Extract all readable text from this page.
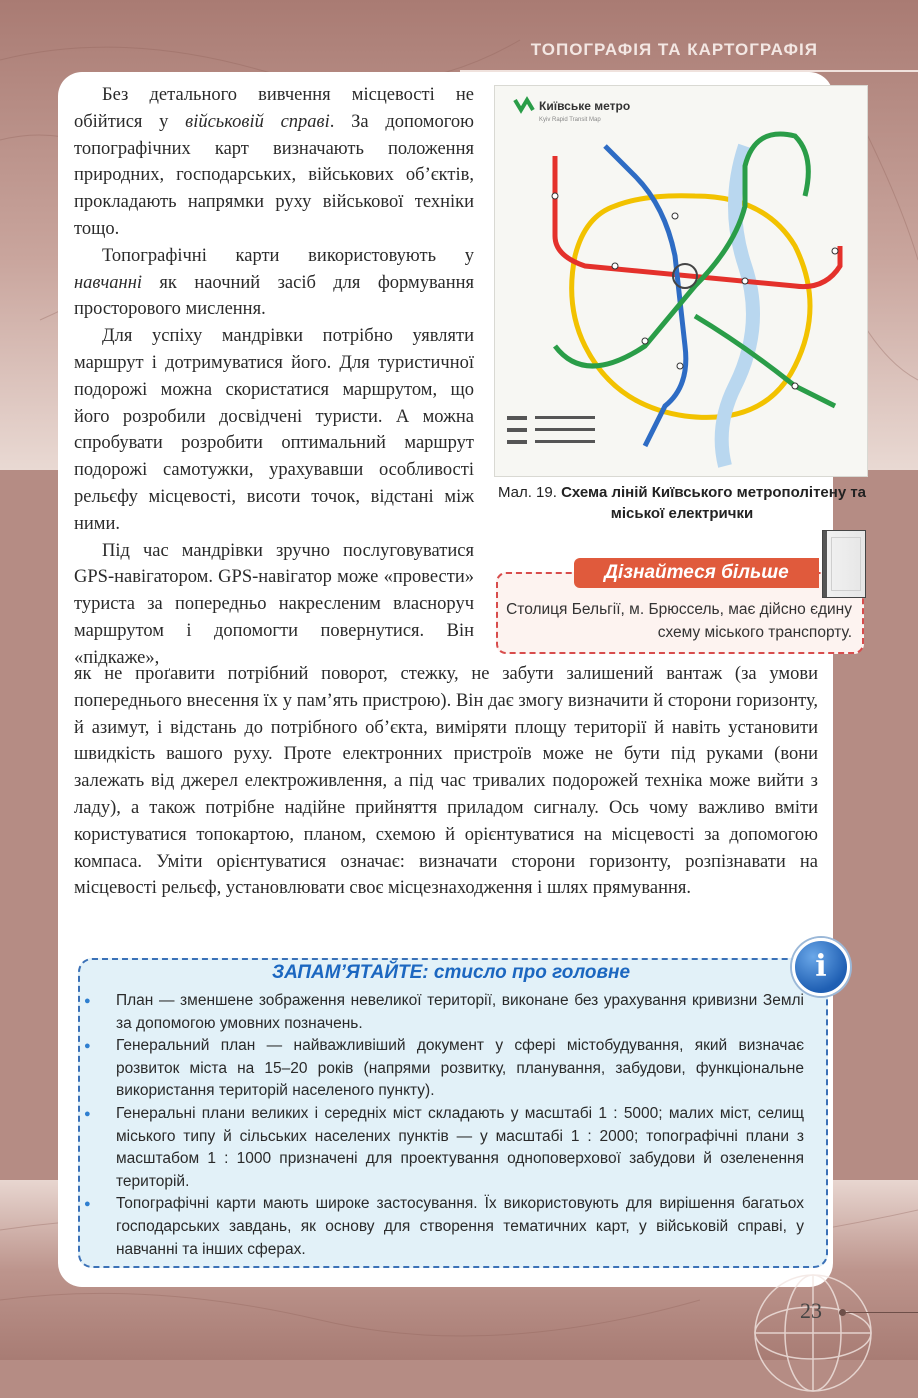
ТОПОГРАФІЯ ТА КАРТОГРАФІЯ

Без детального вивчення місцевості не обійтися у військовій справі. За допомогою топографічних карт визначають положення природних, господарських, військових об’єктів, прокладають напрямки руху військової техніки тощо.

Топографічні карти використовують у навчанні як наочний засіб для формування просторового мислення.

Для успіху мандрівки потрібно уявляти маршрут і дотримуватися його. Для туристичної подорожі можна скористатися маршрутом, що його розробили досвідчені туристи. А можна спробувати розробити оптимальний маршрут подорожі самотужки, урахувавши особливості рельєфу місцевості, висоти точок, відстані між ними.

Під час мандрівки зручно послуговуватися GPS-навігатором. GPS-навігатор може «провести» туриста за попередньо накресленим власноруч маршрутом і допомогти повернутися. Він «підкаже»,

як не проґавити потрібний поворот, стежку, не забути залишений вантаж (за умови попереднього внесення їх у пам’ять пристрою). Він дає змогу визначити й сторони горизонту, й азимут, і відстань до потрібного об’єкта, виміряти площу території й навіть установити швидкість вашого руху. Проте електронних пристроїв може не бути під руками (вони залежать від джерел електроживлення, а під час тривалих подорожей техніка може вийти з ладу), а також потрібне надійне прийняття приладом сигналу. Ось чому важливо вміти користуватися топокартою, планом, схемою й орієнтуватися на місцевості за допомогою компаса. Уміти орієнтуватися означає: визначати сторони горизонту, розпізнавати на місцевості рельєф, установлювати своє місцезнаходження і шлях прямування.

Київське метро
Kyiv Rapid Transit Map
Мал. 19. Схема ліній Київського метрополітену та міської електрички
Дізнайтеся більше
Столиця Бельгії, м. Брюссель, має дійсно єдину схему міського транспорту.
ЗАПАМ’ЯТАЙТЕ: стисло про головне	i
● План — зменшене зображення невеликої території, виконане без урахування кривизни Землі за допомогою умовних позначень.
● Генеральний план — найважливіший документ у сфері містобудування, який визначає розвиток міста на 15–20 років (напрями розвитку, планування, забудови, функціональне використання територій населеного пункту).
● Генеральні плани великих і середніх міст складають у масштабі 1 : 5000; малих міст, селищ міського типу й сільських населених пунктів — у масштабі 1 : 2000; топографічні плани з масштабом 1 : 1000 призначені для проектування одноповерхової забудови й озеленення територій.
● Топографічні карти мають широке застосування. Їх використовують для вирішення багатьох господарських завдань, як основу для створення тематичних карт, у військовій справі, у навчанні та інших сферах.
23
